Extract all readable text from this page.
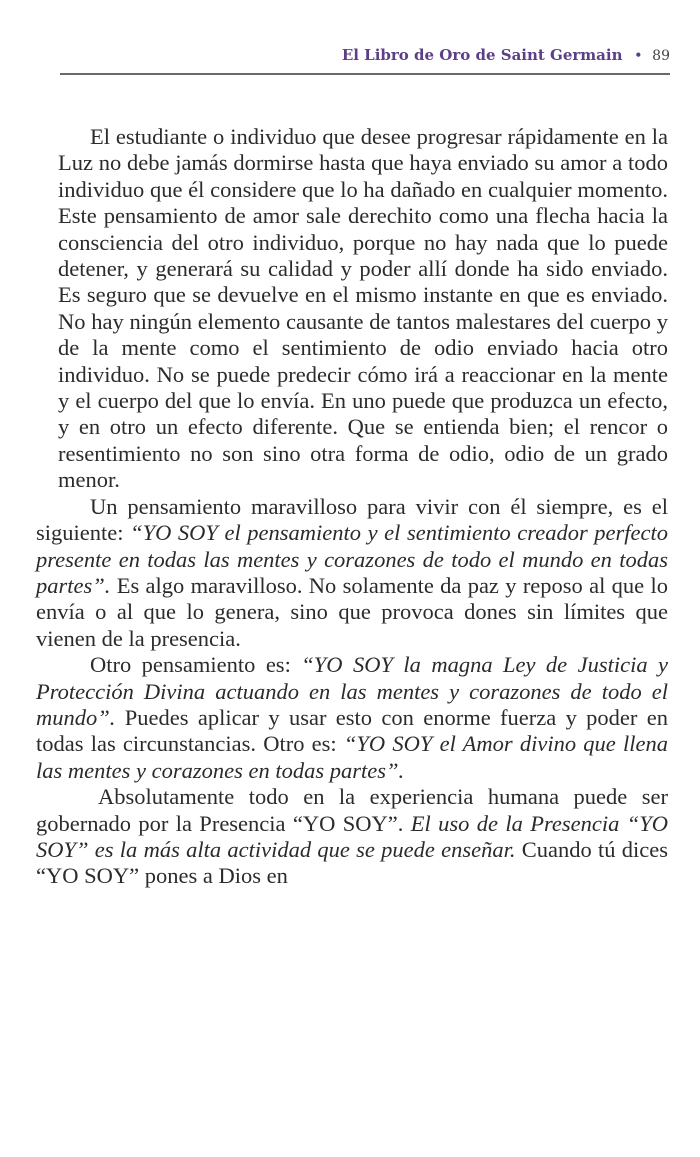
El Libro de Oro de Saint Germain • 89

El estudiante o individuo que desee progresar rápidamente en la Luz no debe jamás dormirse hasta que haya enviado su amor a todo individuo que él considere que lo ha dañado en cualquier momento. Este pensamiento de amor sale derechito como una flecha hacia la consciencia del otro individuo, porque no hay nada que lo puede detener, y generará su calidad y poder allí donde ha sido enviado. Es seguro que se devuelve en el mismo instante en que es enviado. No hay ningún elemento causante de tantos malestares del cuerpo y de la mente como el sentimiento de odio enviado hacia otro individuo. No se puede predecir cómo irá a reaccionar en la mente y el cuerpo del que lo envía. En uno puede que produzca un efecto, y en otro un efecto diferente. Que se entienda bien; el rencor o resentimiento no son sino otra forma de odio, odio de un grado menor.

Un pensamiento maravilloso para vivir con él siempre, es el siguiente: “YO SOY el pensamiento y el sentimiento creador perfecto presente en todas las mentes y corazones de todo el mundo en todas partes”. Es algo maravilloso. No solamente da paz y reposo al que lo envía o al que lo genera, sino que provoca dones sin límites que vienen de la presencia.

Otro pensamiento es: “YO SOY la magna Ley de Justicia y Protección Divina actuando en las mentes y corazones de todo el mundo”. Puedes aplicar y usar esto con enorme fuerza y poder en todas las circunstancias. Otro es: “YO SOY el Amor divino que llena las mentes y corazones en todas partes”.

Absolutamente todo en la experiencia humana puede ser gobernado por la Presencia “YO SOY”. El uso de la Presencia “YO SOY” es la más alta actividad que se puede enseñar. Cuando tú dices “YO SOY” pones a Dios en
